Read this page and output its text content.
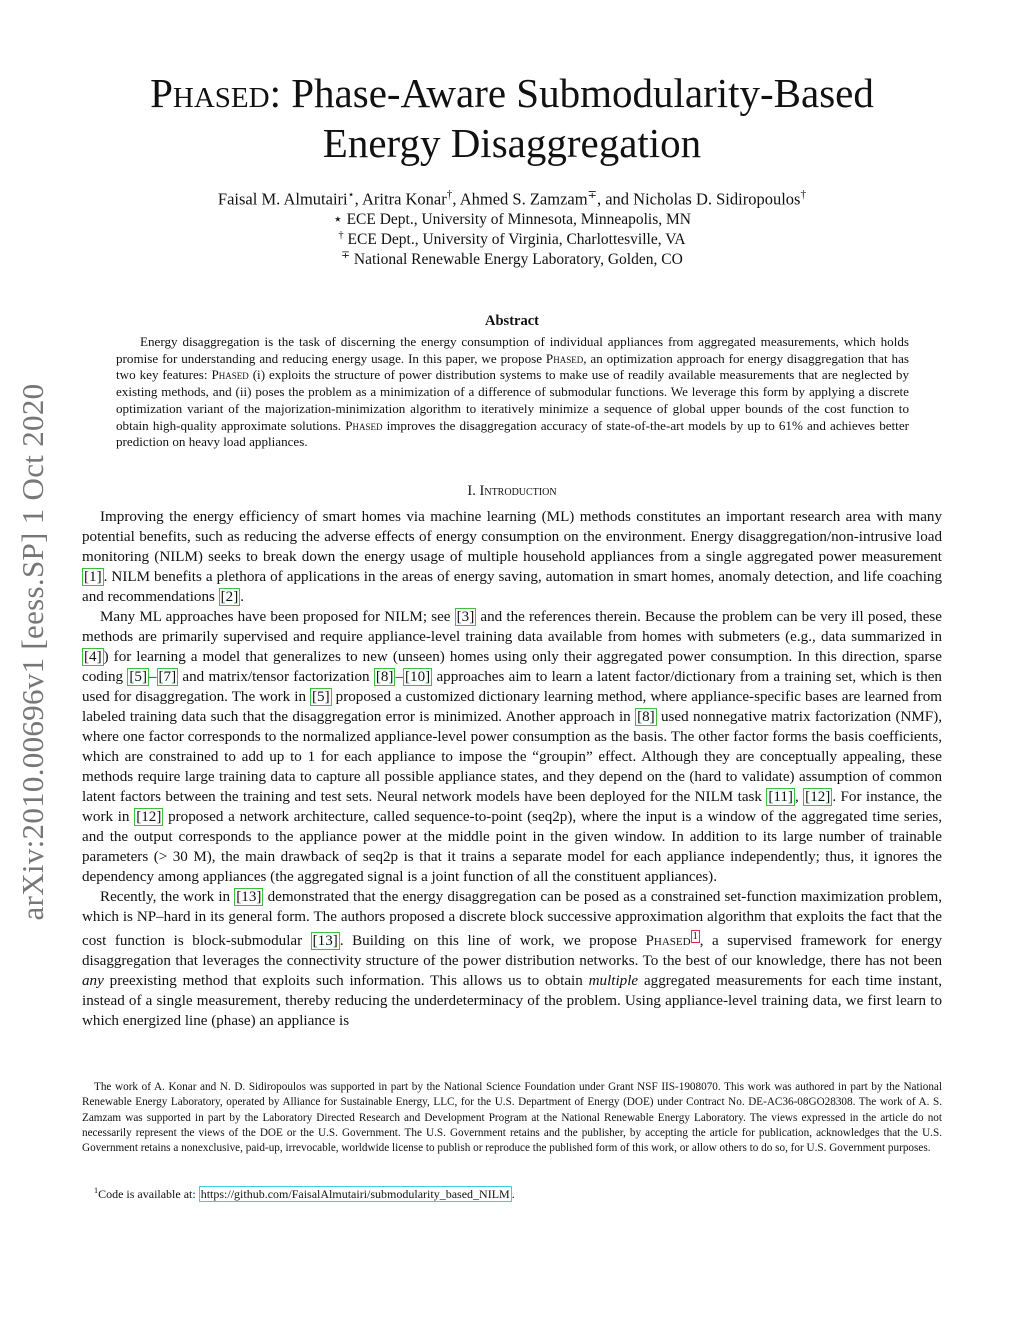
arXiv:2010.00696v1 [eess.SP] 1 Oct 2020
Phased: Phase-Aware Submodularity-Based
Energy Disaggregation
Faisal M. Almutairi⋆, Aritra Konar†, Ahmed S. Zamzam∓, and Nicholas D. Sidiropoulos†
⋆ ECE Dept., University of Minnesota, Minneapolis, MN
† ECE Dept., University of Virginia, Charlottesville, VA
∓ National Renewable Energy Laboratory, Golden, CO
Abstract

Energy disaggregation is the task of discerning the energy consumption of individual appliances from aggregated measurements, which holds promise for understanding and reducing energy usage. In this paper, we propose Phased, an optimization approach for energy disaggregation that has two key features: Phased (i) exploits the structure of power distribution systems to make use of readily available measurements that are neglected by existing methods, and (ii) poses the problem as a minimization of a difference of submodular functions. We leverage this form by applying a discrete optimization variant of the majorization-minimization algorithm to iteratively minimize a sequence of global upper bounds of the cost function to obtain high-quality approximate solutions. Phased improves the disaggregation accuracy of state-of-the-art models by up to 61% and achieves better prediction on heavy load appliances.

I. Introduction

Improving the energy efficiency of smart homes via machine learning (ML) methods constitutes an important research area with many potential benefits, such as reducing the adverse effects of energy consumption on the environment. Energy disaggregation/non-intrusive load monitoring (NILM) seeks to break down the energy usage of multiple household appliances from a single aggregated power measurement [1] . NILM benefits a plethora of applications in the areas of energy saving, automation in smart homes, anomaly detection, and life coaching and recommendations [2] .

Many ML approaches have been proposed for NILM; see [3] and the references therein. Because the problem can be very ill posed, these methods are primarily supervised and require appliance-level training data available from homes with submeters (e.g., data summarized in [4] ) for learning a model that generalizes to new (unseen) homes using only their aggregated power consumption. In this direction, sparse coding [5] – [7] and matrix/tensor factorization [8] – [10] approaches aim to learn a latent factor/dictionary from a training set, which is then used for disaggregation. The work in [5] proposed a customized dictionary learning method, where appliance-specific bases are learned from labeled training data such that the disaggregation error is minimized. Another approach in [8] used nonnegative matrix factorization (NMF), where one factor corresponds to the normalized appliance-level power consumption as the basis. The other factor forms the basis coefficients, which are constrained to add up to 1 for each appliance to impose the “groupin” effect. Although they are conceptually appealing, these methods require large training data to capture all possible appliance states, and they depend on the (hard to validate) assumption of common latent factors between the training and test sets. Neural network models have been deployed for the NILM task [11] , [12] . For instance, the work in [12] proposed a network architecture, called sequence-to-point (seq2p), where the input is a window of the aggregated time series, and the output corresponds to the appliance power at the middle point in the given window. In addition to its large number of trainable parameters (> 30 M), the main drawback of seq2p is that it trains a separate model for each appliance independently; thus, it ignores the dependency among appliances (the aggregated signal is a joint function of all the constituent appliances).

Recently, the work in [13] demonstrated that the energy disaggregation can be posed as a constrained set-function maximization problem, which is NP–hard in its general form. The authors proposed a discrete block successive approximation algorithm that exploits the fact that the cost function is block-submodular [13] . Building on this line of work, we propose Phased $^1$ , a supervised framework for energy disaggregation that leverages the connectivity structure of the power distribution networks. To the best of our knowledge, there has not been any preexisting method that exploits such information. This allows us to obtain multiple aggregated measurements for each time instant, instead of a single measurement, thereby reducing the underdeterminacy of the problem. Using appliance-level training data, we first learn to which energized line (phase) an appliance is

The work of A. Konar and N. D. Sidiropoulos was supported in part by the National Science Foundation under Grant NSF IIS-1908070. This work was authored in part by the National Renewable Energy Laboratory, operated by Alliance for Sustainable Energy, LLC, for the U.S. Department of Energy (DOE) under Contract No. DE-AC36-08GO28308. The work of A. S. Zamzam was supported in part by the Laboratory Directed Research and Development Program at the National Renewable Energy Laboratory. The views expressed in the article do not necessarily represent the views of the DOE or the U.S. Government. The U.S. Government retains and the publisher, by accepting the article for publication, acknowledges that the U.S. Government retains a nonexclusive, paid-up, irrevocable, worldwide license to publish or reproduce the published form of this work, or allow others to do so, for U.S. Government purposes.

$^1$Code is available at: https://github.com/FaisalAlmutairi/submodularity_based_NILM .
